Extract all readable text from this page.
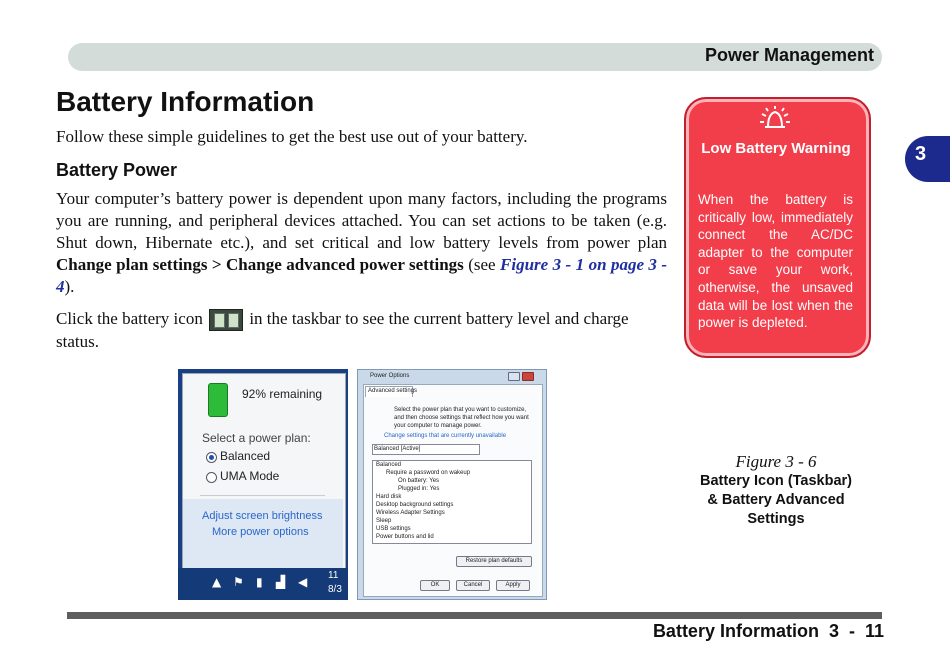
Power Management
3
Battery Information
Follow these simple guidelines to get the best use out of your battery.
Battery Power

Your computer’s battery power is dependent upon many factors, including the programs you are running, and peripheral devices attached. You can set actions to be taken (e.g. Shut down, Hibernate etc.), and set critical and low battery levels from power plan Change plan settings > Change advanced power settings (see Figure 3 - 1 on page 3 - 4).

Click the battery icon
in the taskbar to see the current battery level and charge status.

Low Battery Warning

When the battery is critically low, immediately connect the AC/DC adapter to the computer or save your work, otherwise, the unsaved data will be lost when the power is depleted.

Figure 3 - 6
Battery Icon (Taskbar) & Battery Advanced Settings
92% remaining
Select a power plan:
Balanced
UMA Mode
Adjust screen brightness
More power options
▲ ⚑ ▮ ▟ ◀ 11
8/3
Power Options
Advanced settings
Select the power plan that you want to customize, and then choose settings that reflect how you want your computer to manage power.
Change settings that are currently unavailable
Balanced [Active]
Balanced
Require a password on wakeup
On battery: Yes
Plugged in: Yes
Hard disk
Desktop background settings
Wireless Adapter Settings
Sleep
USB settings
Power buttons and lid
Restore plan defaults
OK	Cancel	Apply
Battery Information  3  -  11
